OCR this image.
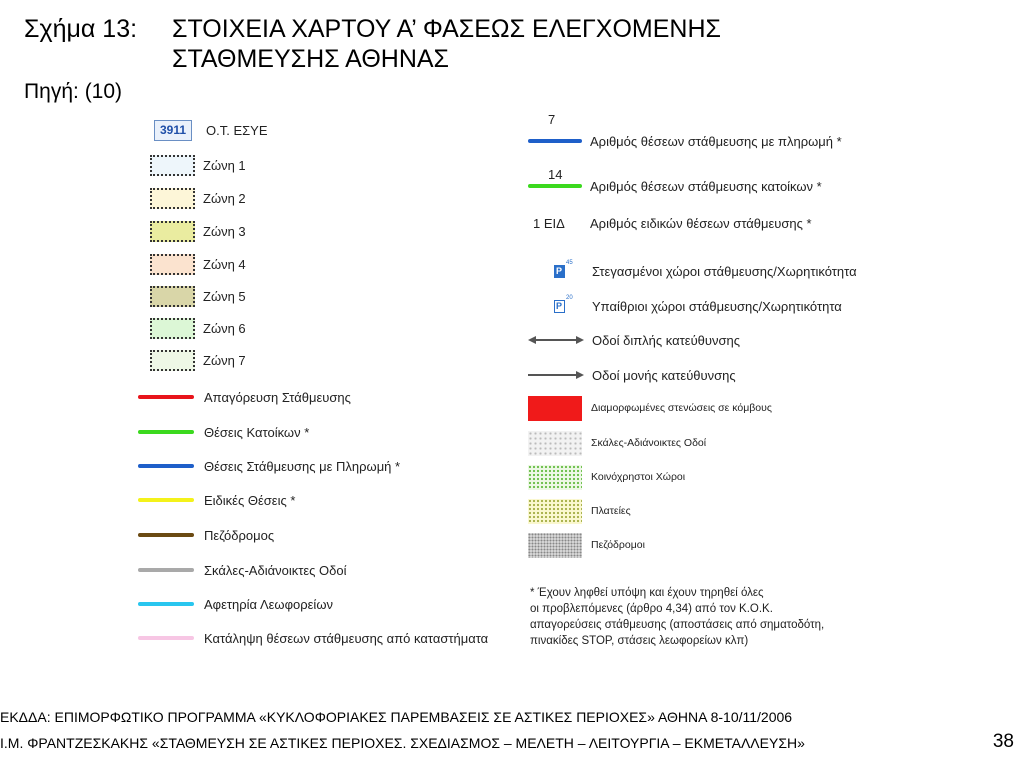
Σχήμα 13: ΣΤΟΙΧΕΙΑ ΧΑΡΤΟΥ Α’ ΦΑΣΕΩΣ ΕΛΕΓΧΟΜΕΝΗΣ
ΣΤΑΘΜΕΥΣΗΣ ΑΘΗΝΑΣ
Πηγή: (10)
3911	Ο.Τ. ΕΣΥΕ
Ζώνη 1
Ζώνη 2
Ζώνη 3
Ζώνη 4
Ζώνη 5
Ζώνη 6
Ζώνη 7
Απαγόρευση Στάθμευσης
Θέσεις Κατοίκων *
Θέσεις Στάθμευσης με Πληρωμή *
Ειδικές Θέσεις *
Πεζόδρομος
Σκάλες-Αδιάνοικτες Οδοί
Αφετηρία Λεωφορείων
Κατάληψη θέσεων στάθμευσης από καταστήματα
7
Αριθμός θέσεων στάθμευσης με πληρωμή *
14
Αριθμός θέσεων στάθμευσης κατοίκων *
1 ΕΙΔ	Αριθμός ειδικών θέσεων στάθμευσης *
P
45
Στεγασμένοι χώροι στάθμευσης/Χωρητικότητα
P
20
Υπαίθριοι χώροι στάθμευσης/Χωρητικότητα
Οδοί διπλής κατεύθυνσης
Οδοί μονής κατεύθυνσης
Διαμορφωμένες στενώσεις σε κόμβους
Σκάλες-Αδιάνοικτες Οδοί
Κοινόχρηστοι Χώροι
Πλατείες
Πεζόδρομοι
* Έχουν ληφθεί υπόψη και έχουν τηρηθεί όλες
οι προβλεπόμενες (άρθρο 4,34) από τον Κ.Ο.Κ.
απαγορεύσεις στάθμευσης (αποστάσεις από σηματοδότη,
πινακίδες STOP, στάσεις λεωφορείων κλπ)
ΕΚΔΔΑ: ΕΠΙΜΟΡΦΩΤΙΚΟ ΠΡΟΓΡΑΜΜΑ «ΚΥΚΛΟΦΟΡΙΑΚΕΣ ΠΑΡΕΜΒΑΣΕΙΣ ΣΕ ΑΣΤΙΚΕΣ ΠΕΡΙΟΧΕΣ» ΑΘΗΝΑ 8-10/11/2006
Ι.Μ. ΦΡΑΝΤΖΕΣΚΑΚΗΣ «ΣΤΑΘΜΕΥΣΗ ΣΕ ΑΣΤΙΚΕΣ ΠΕΡΙΟΧΕΣ. ΣΧΕΔΙΑΣΜΟΣ – ΜΕΛΕΤΗ – ΛΕΙΤΟΥΡΓΙΑ – ΕΚΜΕΤΑΛΛΕΥΣΗ»	38
